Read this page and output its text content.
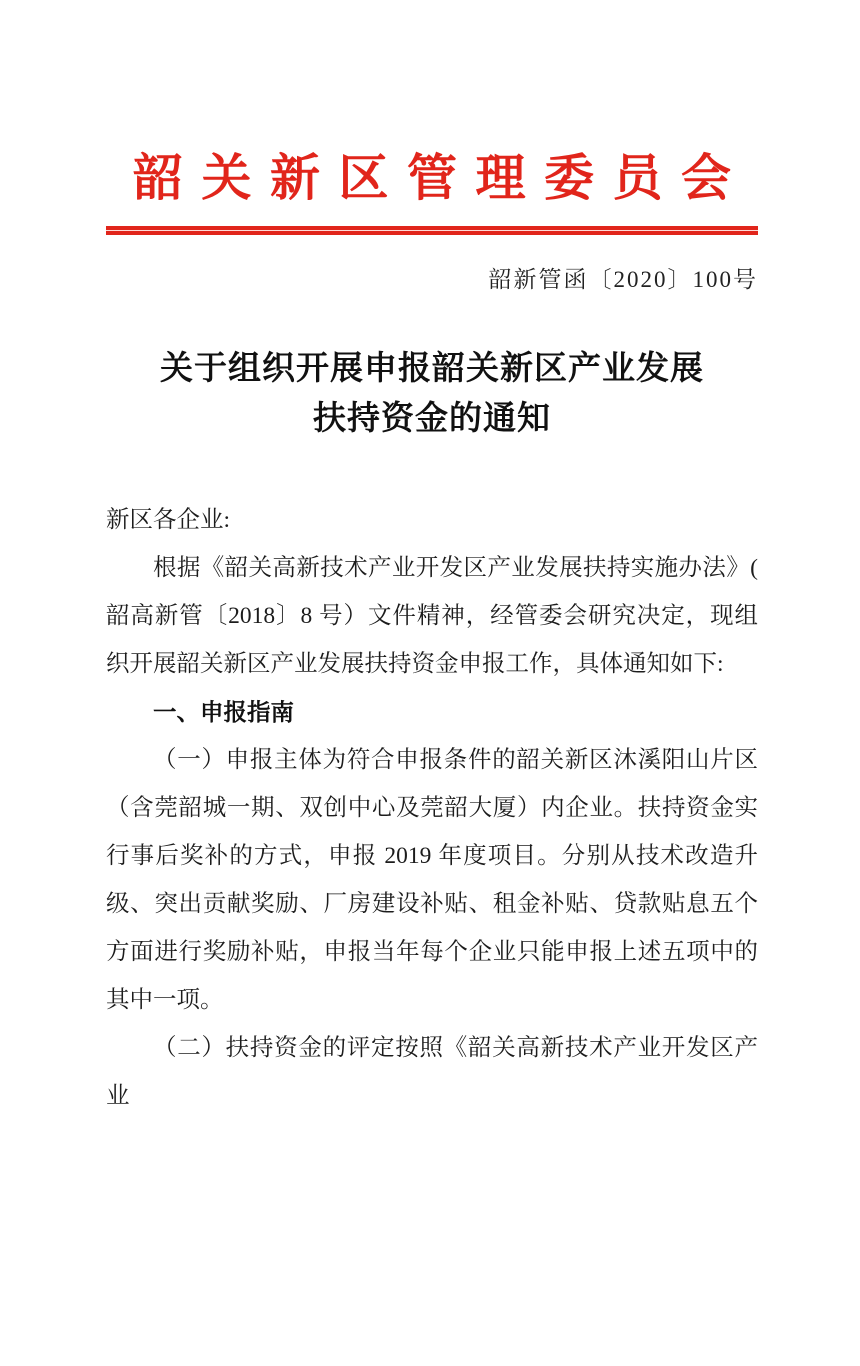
韶关新区管理委员会
韶新管函〔2020〕100号
关于组织开展申报韶关新区产业发展
扶持资金的通知

新区各企业:

根据《韶关高新技术产业开发区产业发展扶持实施办法》( 韶高新管〔2018〕8 号）文件精神，经管委会研究决定，现组织开展韶关新区产业发展扶持资金申报工作，具体通知如下:

一、申报指南

（一）申报主体为符合申报条件的韶关新区沐溪阳山片区（含莞韶城一期、双创中心及莞韶大厦）内企业。扶持资金实行事后奖补的方式，申报 2019 年度项目。分别从技术改造升级、突出贡献奖励、厂房建设补贴、租金补贴、贷款贴息五个方面进行奖励补贴，申报当年每个企业只能申报上述五项中的其中一项。

（二）扶持资金的评定按照《韶关高新技术产业开发区产业
